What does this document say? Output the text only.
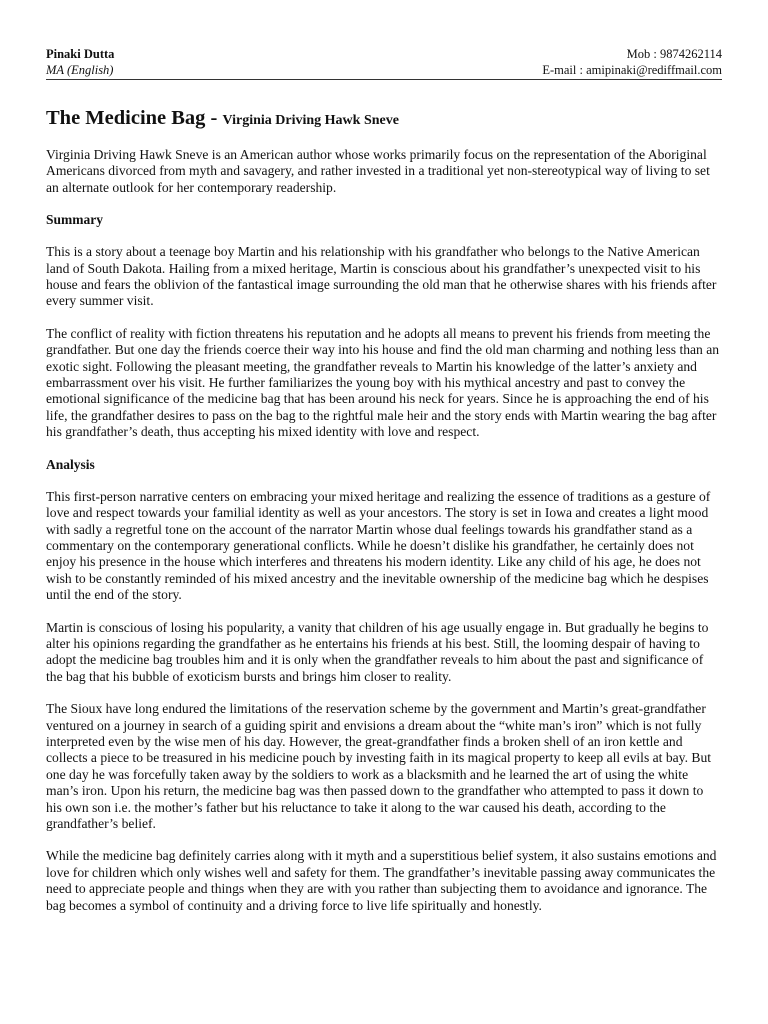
Pinaki Dutta
MA (English)
Mob : 9874262114
E-mail : amipinaki@rediffmail.com
The Medicine Bag - Virginia Driving Hawk Sneve

Virginia Driving Hawk Sneve is an American author whose works primarily focus on the representation of the Aboriginal Americans divorced from myth and savagery, and rather invested in a traditional yet non-stereotypical way of living to set an alternate outlook for her contemporary readership.

Summary

This is a story about a teenage boy Martin and his relationship with his grandfather who belongs to the Native American land of South Dakota. Hailing from a mixed heritage, Martin is conscious about his grandfather’s unexpected visit to his house and fears the oblivion of the fantastical image surrounding the old man that he otherwise shares with his friends after every summer visit.

The conflict of reality with fiction threatens his reputation and he adopts all means to prevent his friends from meeting the grandfather. But one day the friends coerce their way into his house and find the old man charming and nothing less than an exotic sight. Following the pleasant meeting, the grandfather reveals to Martin his knowledge of the latter’s anxiety and embarrassment over his visit. He further familiarizes the young boy with his mythical ancestry and past to convey the emotional significance of the medicine bag that has been around his neck for years. Since he is approaching the end of his life, the grandfather desires to pass on the bag to the rightful male heir and the story ends with Martin wearing the bag after his grandfather’s death, thus accepting his mixed identity with love and respect.

Analysis

This first-person narrative centers on embracing your mixed heritage and realizing the essence of traditions as a gesture of love and respect towards your familial identity as well as your ancestors. The story is set in Iowa and creates a light mood with sadly a regretful tone on the account of the narrator Martin whose dual feelings towards his grandfather stand as a commentary on the contemporary generational conflicts. While he doesn’t dislike his grandfather, he certainly does not enjoy his presence in the house which interferes and threatens his modern identity. Like any child of his age, he does not wish to be constantly reminded of his mixed ancestry and the inevitable ownership of the medicine bag which he despises until the end of the story.

Martin is conscious of losing his popularity, a vanity that children of his age usually engage in. But gradually he begins to alter his opinions regarding the grandfather as he entertains his friends at his best. Still, the looming despair of having to adopt the medicine bag troubles him and it is only when the grandfather reveals to him about the past and significance of the bag that his bubble of exoticism bursts and brings him closer to reality.

The Sioux have long endured the limitations of the reservation scheme by the government and Martin’s great-grandfather ventured on a journey in search of a guiding spirit and envisions a dream about the “white man’s iron” which is not fully interpreted even by the wise men of his day. However, the great-grandfather finds a broken shell of an iron kettle and collects a piece to be treasured in his medicine pouch by investing faith in its magical property to keep all evils at bay. But one day he was forcefully taken away by the soldiers to work as a blacksmith and he learned the art of using the white man’s iron. Upon his return, the medicine bag was then passed down to the grandfather who attempted to pass it down to his own son i.e. the mother’s father but his reluctance to take it along to the war caused his death, according to the grandfather’s belief.

While the medicine bag definitely carries along with it myth and a superstitious belief system, it also sustains emotions and love for children which only wishes well and safety for them. The grandfather’s inevitable passing away communicates the need to appreciate people and things when they are with you rather than subjecting them to avoidance and ignorance. The bag becomes a symbol of continuity and a driving force to live life spiritually and honestly.
